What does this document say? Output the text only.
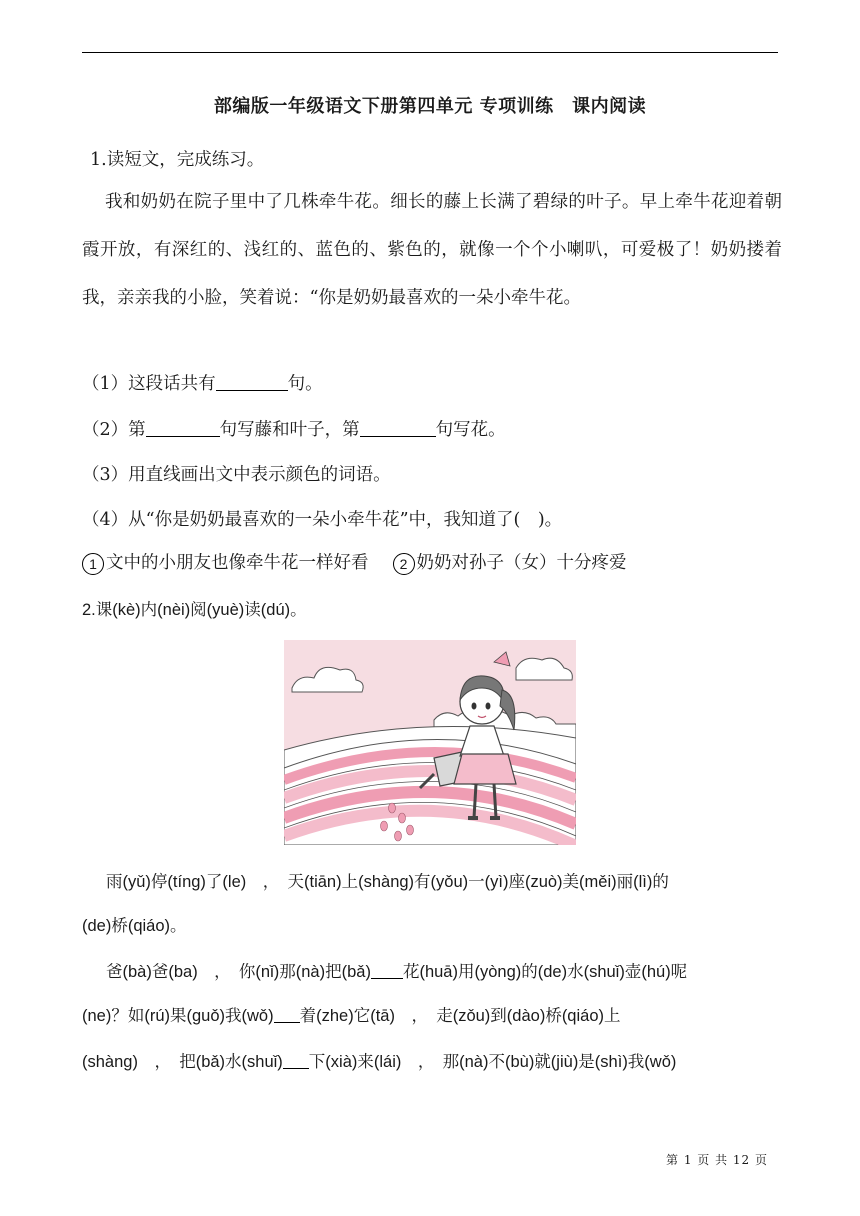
部编版一年级语文下册第四单元 专项训练　课内阅读
1.读短文，完成练习。
我和奶奶在院子里中了几株牵牛花。细长的藤上长满了碧绿的叶子。早上牵牛花迎着朝霞开放，有深红的、浅红的、蓝色的、紫色的，就像一个个小喇叭，可爱极了！奶奶搂着我，亲亲我的小脸，笑着说：“你是奶奶最喜欢的一朵小牵牛花。
（1）这段话共有	句。
（2）第	句写藤和叶子，第	句写花。
（3）用直线画出文中表示颜色的词语。
（4）从“你是奶奶最喜欢的一朵小牵牛花”中，我知道了(　)。
1 文中的小朋友也像牵牛花一样好看 2 奶奶对孙子（女）十分疼爱
2.课(kè)内(nèi)阅(yuè)读(dú)。
雨(yǔ)停(tíng)了(le)　，　天(tiān)上(shàng)有(yǒu)一(yì)座(zuò)美(měi)丽(lì)的
(de)桥(qiáo)。
爸(bà)爸(ba)　，　你(nǐ)那(nà)把(bǎ) 花(huā)用(yòng)的(de)水(shuǐ)壶(hú)呢
(ne)？如(rú)果(guǒ)我(wǒ) 着(zhe)它(tā)　，　走(zǒu)到(dào)桥(qiáo)上
(shàng)　，　把(bǎ)水(shuǐ) 下(xià)来(lái)　，　那(nà)不(bù)就(jiù)是(shì)我(wǒ)
第 1 页 共 12 页
